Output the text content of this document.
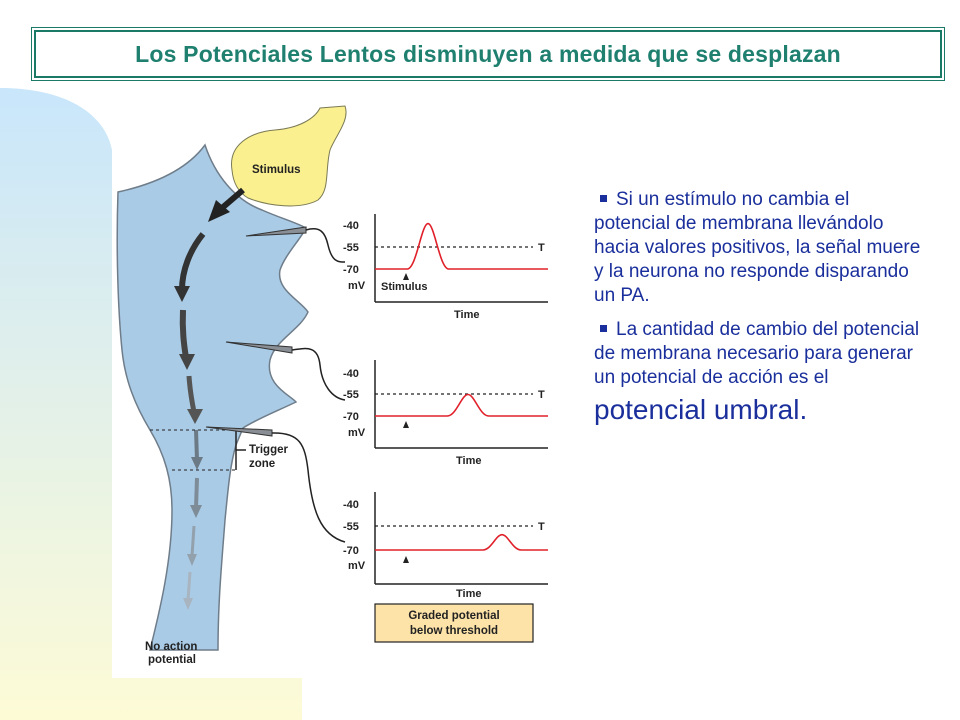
Los Potenciales Lentos disminuyen a medida que se desplazan
Stimulus
Trigger
zone
No action
potential
-40
-55
-70
mV
T
Stimulus
Time
-40
-55
-70
mV
T
Time
-40
-55
-70
mV
T
Time
Graded potential
below threshold
Si un estímulo no cambia el potencial de membrana llevándolo hacia valores positivos, la señal muere y la neurona no responde disparando un PA.
La cantidad de cambio del potencial de membrana necesario para generar un potencial de acción es el potencial umbral.
